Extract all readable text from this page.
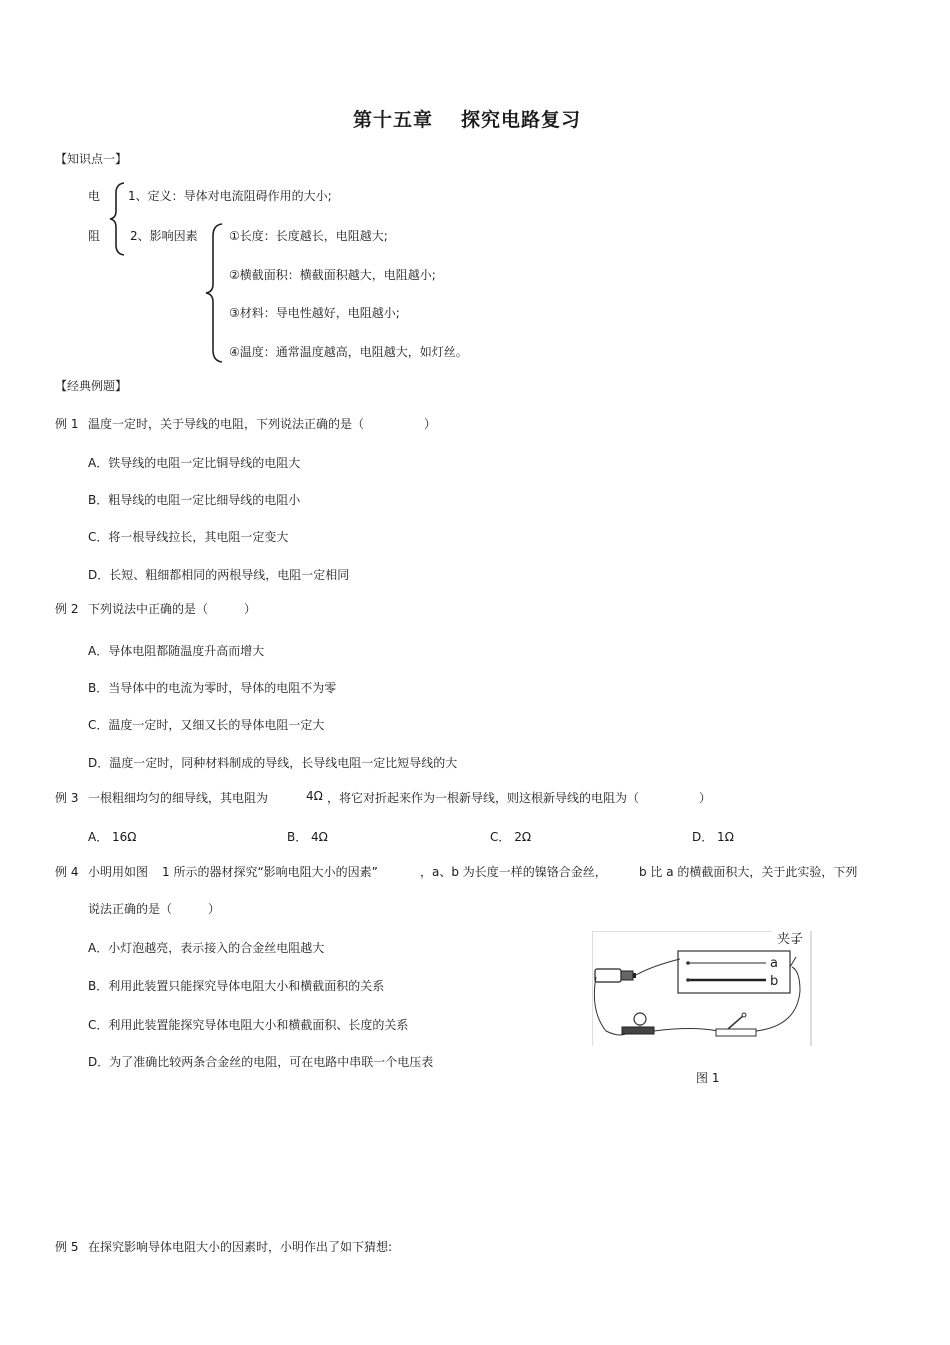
第十五章 探究电路复习
【知识点一】
电
阻
1、定义：导体对电流阻碍作用的大小;
2、影响因素	①长度：长度越长，电阻越大;
②横截面积：横截面积越大，电阻越小;
③材料：导电性越好，电阻越小;
④温度：通常温度越高，电阻越大，如灯丝。
【经典例题】
例 1 温度一定时，关于导线的电阻，下列说法正确的是（　　　　　）
A．铁导线的电阻一定比铜导线的电阻大
B．粗导线的电阻一定比细导线的电阻小
C．将一根导线拉长，其电阻一定变大
D．长短、粗细都相同的两根导线，电阻一定相同
例 2 下列说法中正确的是（　　　）
A．导体电阻都随温度升高而增大
B．当导体中的电流为零时，导体的电阻不为零
C．温度一定时，又细又长的导体电阻一定大
D．温度一定时，同种材料制成的导线，长导线电阻一定比短导线的大
例 3 一根粗细均匀的细导线，其电阻为	4Ω ，将它对折起来作为一根新导线，则这根新导线的电阻为（　　　　　）
A． 16Ω	B． 4Ω	C． 2Ω	D． 1Ω
例 4 小明用如图 1 所示的器材探究“影响电阻大小的因素”	，a、b 为长度一样的镍铬合金丝，	b 比 a 的横截面积大，关于此实验，下列
说法正确的是（　　　）
A．小灯泡越亮，表示接入的合金丝电阻越大
B．利用此装置只能探究导体电阻大小和横截面积的关系
C．利用此装置能探究导体电阻大小和横截面积、长度的关系
D．为了准确比较两条合金丝的电阻，可在电路中串联一个电压表
夹子
a
b
图 1
例 5 在探究影响导体电阻大小的因素时，小明作出了如下猜想:
